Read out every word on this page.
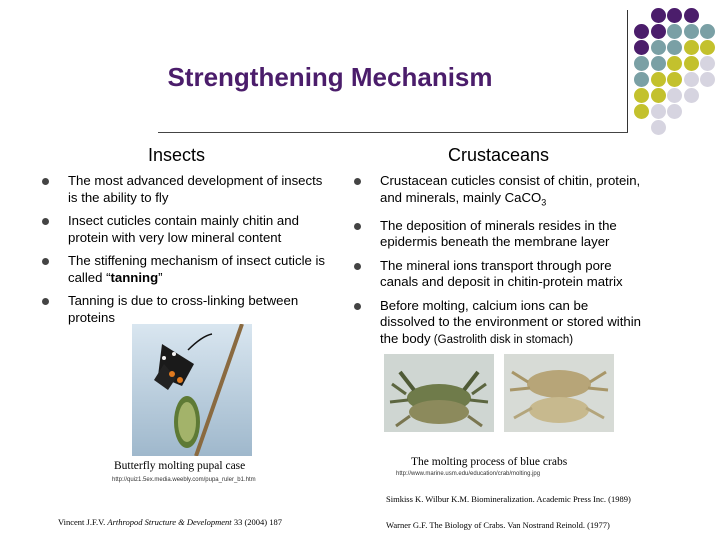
Strengthening Mechanism
Insects
The most advanced development of insects is the ability to fly
Insect cuticles contain mainly chitin and protein with very low mineral content
The stiffening mechanism of insect cuticle is called “tanning”
Tanning is due to cross-linking between proteins
Butterfly molting pupal case
http://quiz1.5ex.media.weebly.com/pupa_ruler_b1.htm
Vincent J.F.V. Arthropod Structure & Development 33 (2004) 187
Crustaceans
Crustacean cuticles consist of chitin, protein, and minerals, mainly CaCO$_3$
The deposition of minerals resides in the epidermis beneath the membrane layer
The mineral ions transport through pore canals and deposit in chitin-protein matrix
Before molting, calcium ions can be dissolved to the environment or stored within the body (Gastrolith disk in stomach)
The molting process of blue crabs
http://www.marine.usm.edu/education/crab/molting.jpg
Simkiss K. Wilbur K.M. Biomineralization. Academic Press Inc. (1989)
Warner G.F. The Biology of Crabs. Van Nostrand Reinold. (1977)
